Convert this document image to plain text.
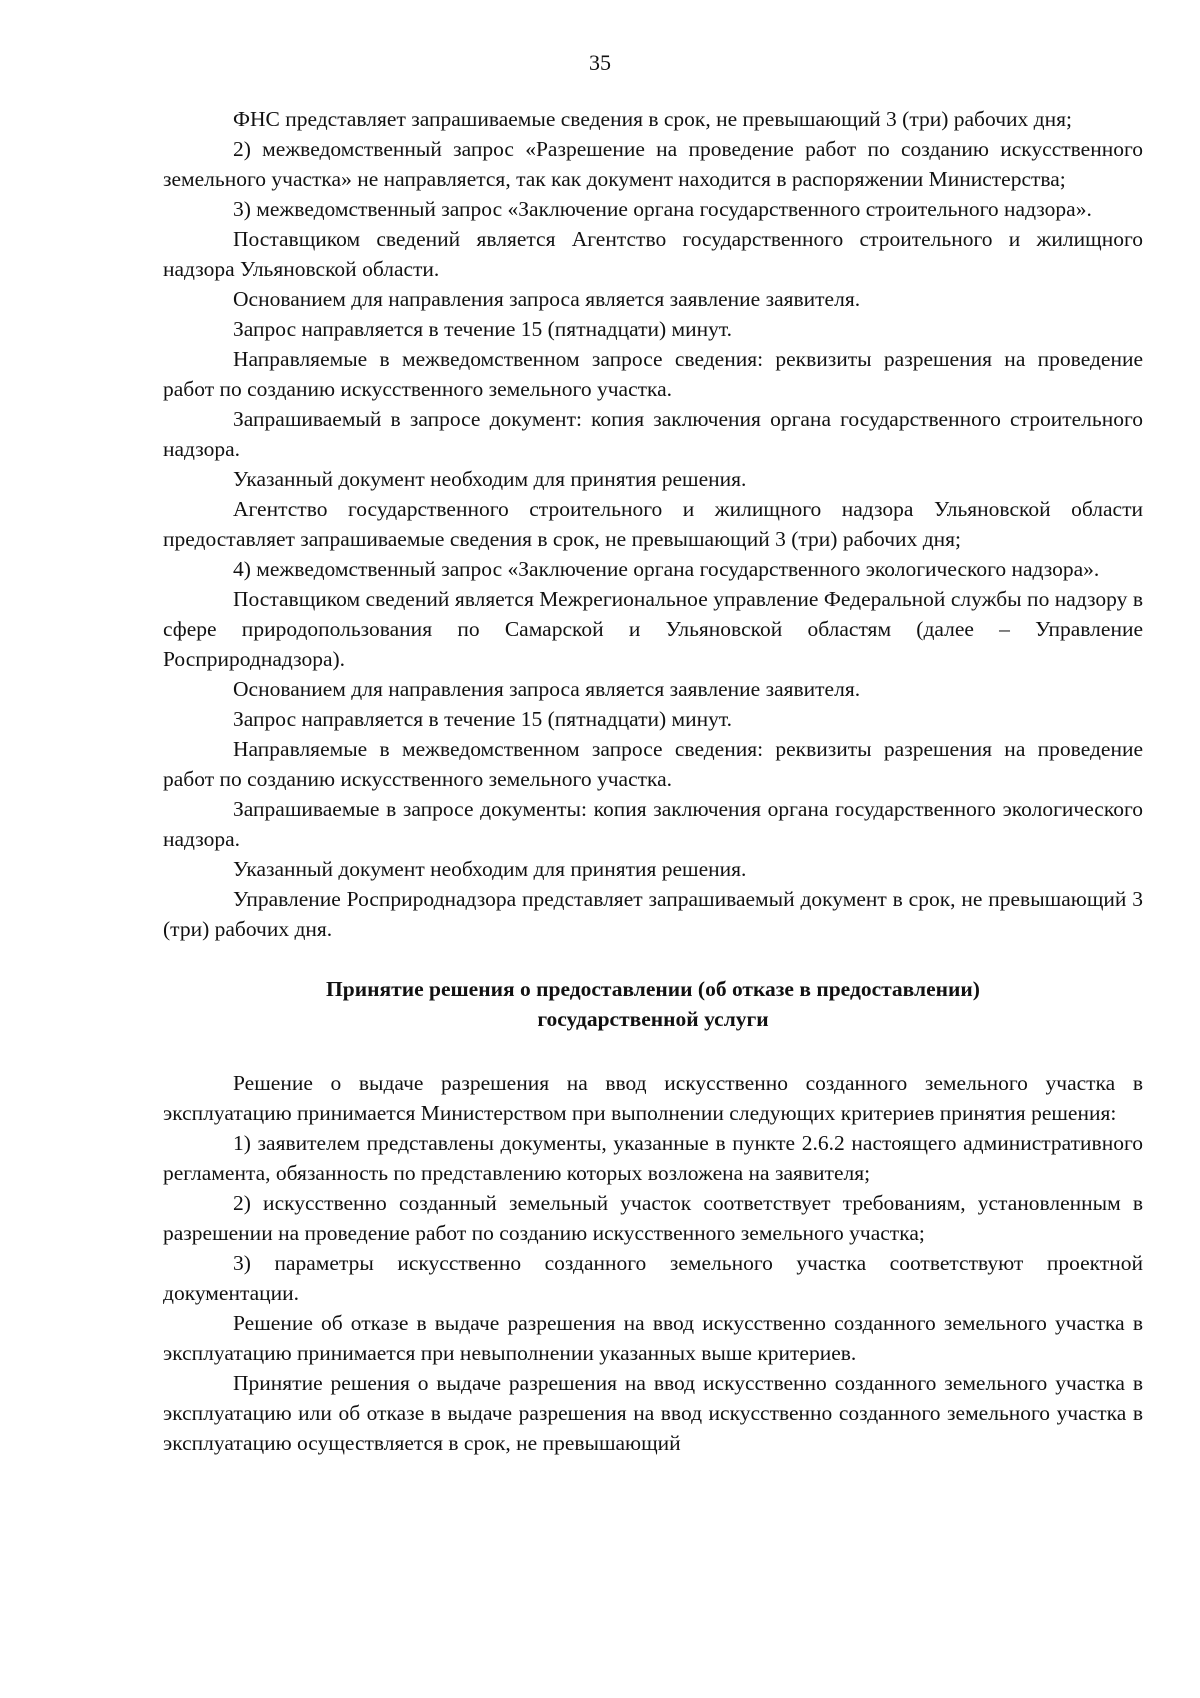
35

ФНС представляет запрашиваемые сведения в срок, не превышающий 3 (три) рабочих дня;

2) межведомственный запрос «Разрешение на проведение работ по созданию искусственного земельного участка» не направляется, так как документ находится в распоряжении Министерства;

3) межведомственный запрос «Заключение органа государственного строительного надзора».

Поставщиком сведений является Агентство государственного строительного и жилищного надзора Ульяновской области.

Основанием для направления запроса является заявление заявителя.

Запрос направляется в течение 15 (пятнадцати) минут.

Направляемые в межведомственном запросе сведения: реквизиты разрешения на проведение работ по созданию искусственного земельного участка.

Запрашиваемый в запросе документ: копия заключения органа государственного строительного надзора.

Указанный документ необходим для принятия решения.

Агентство государственного строительного и жилищного надзора Ульяновской области предоставляет запрашиваемые сведения в срок, не превышающий 3 (три) рабочих дня;

4) межведомственный запрос «Заключение органа государственного экологического надзора».

Поставщиком сведений является Межрегиональное управление Федеральной службы по надзору в сфере природопользования по Самарской и Ульяновской областям (далее – Управление Росприроднадзора).

Основанием для направления запроса является заявление заявителя.

Запрос направляется в течение 15 (пятнадцати) минут.

Направляемые в межведомственном запросе сведения: реквизиты разрешения на проведение работ по созданию искусственного земельного участка.

Запрашиваемые в запросе документы: копия заключения органа государственного экологического надзора.

Указанный документ необходим для принятия решения.

Управление Росприроднадзора представляет запрашиваемый документ в срок, не превышающий 3 (три) рабочих дня.

Принятие решения о предоставлении (об отказе в предоставлении)
государственной услуги

Решение о выдаче разрешения на ввод искусственно созданного земельного участка в эксплуатацию принимается Министерством при выполнении следующих критериев принятия решения:

1) заявителем представлены документы, указанные в пункте 2.6.2 настоящего административного регламента, обязанность по представлению которых возложена на заявителя;

2) искусственно созданный земельный участок соответствует требованиям, установленным в разрешении на проведение работ по созданию искусственного земельного участка;

3) параметры искусственно созданного земельного участка соответствуют проектной документации.

Решение об отказе в выдаче разрешения на ввод искусственно созданного земельного участка в эксплуатацию принимается при невыполнении указанных выше критериев.

Принятие решения о выдаче разрешения на ввод искусственно созданного земельного участка в эксплуатацию или об отказе в выдаче разрешения на ввод искусственно созданного земельного участка в эксплуатацию осуществляется в срок, не превышающий
